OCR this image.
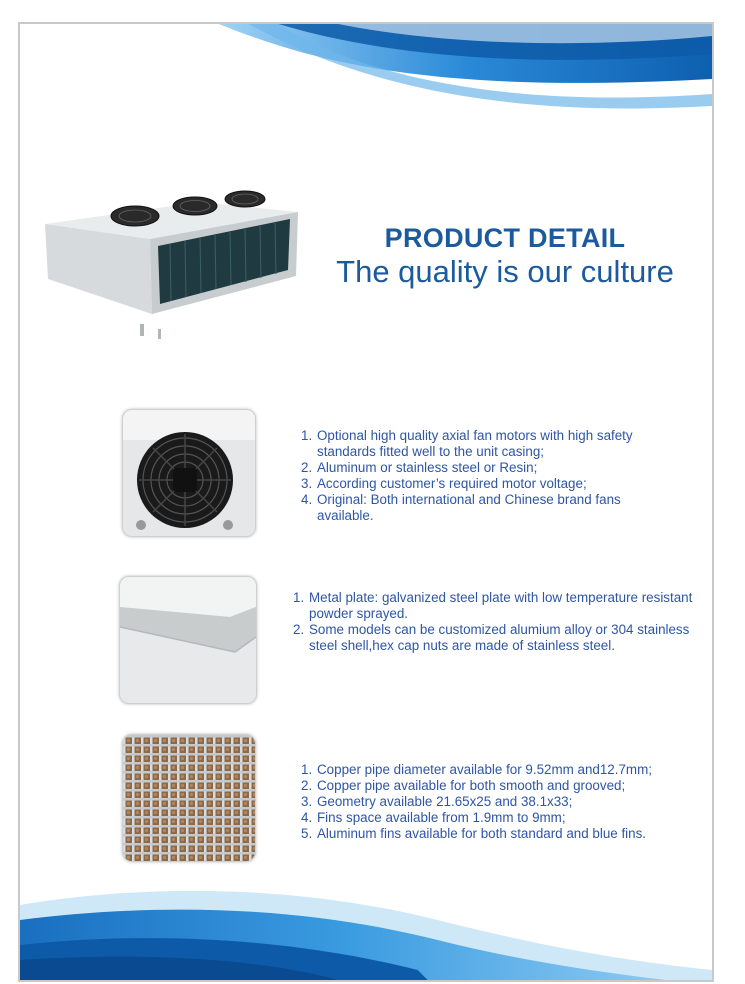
PRODUCT DETAIL
The quality is our culture
1. Optional high quality axial fan motors with high safety standards fitted well to the unit casing;
2. Aluminum or stainless steel or Resin;
3. According customer’s required motor voltage;
4. Original: Both international and Chinese brand fans available.
1. Metal plate: galvanized steel plate with low temperature resistant powder sprayed.
2. Some models can be customized alumium alloy or 304 stainless steel shell,hex cap nuts are made of stainless steel.
1. Copper pipe diameter available for 9.52mm and12.7mm;
2. Copper pipe available for both smooth and grooved;
3. Geometry available 21.65x25 and 38.1x33;
4. Fins space available from 1.9mm to 9mm;
5. Aluminum fins available for both standard and blue fins.
